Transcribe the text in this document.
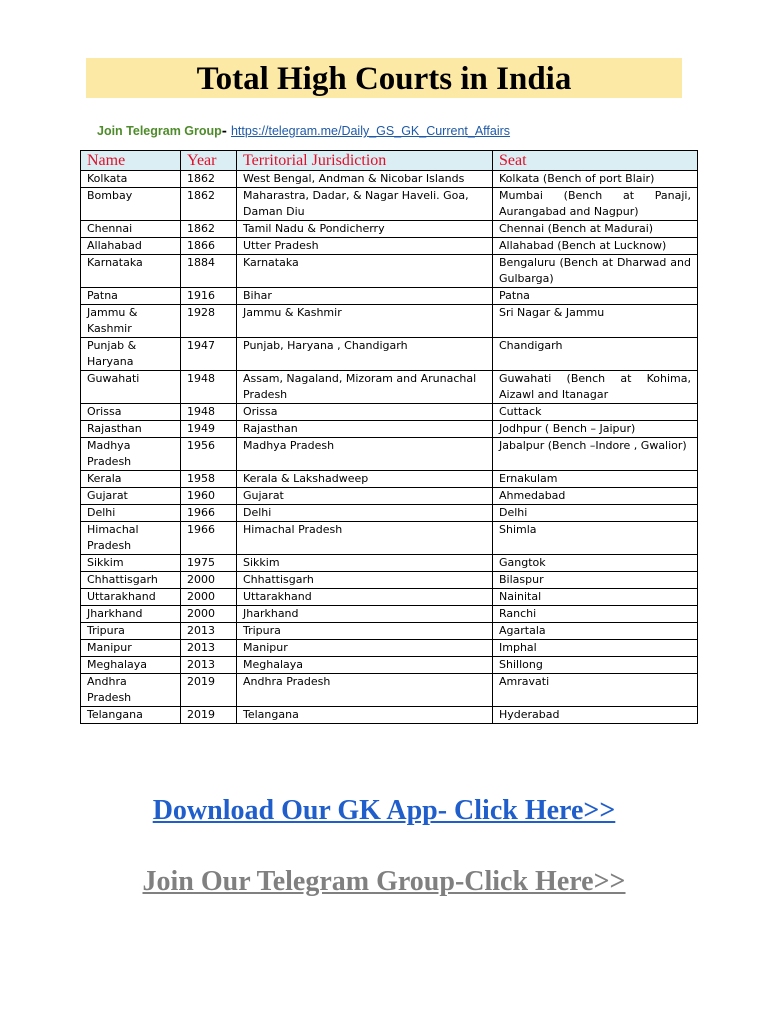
Total High Courts in India
Join Telegram Group- https://telegram.me/Daily_GS_GK_Current_Affairs
Name	Year	Territorial Jurisdiction	Seat
Kolkata	1862	West Bengal, Andman & Nicobar Islands	Kolkata (Bench of port Blair)
Bombay	1862	Maharastra, Dadar, & Nagar Haveli. Goa, Daman Diu	Mumbai (Bench at Panaji, Aurangabad and Nagpur)
Chennai	1862	Tamil Nadu & Pondicherry	Chennai (Bench at Madurai)
Allahabad	1866	Utter Pradesh	Allahabad (Bench at Lucknow)
Karnataka	1884	Karnataka	Bengaluru (Bench at Dharwad and Gulbarga)
Patna	1916	Bihar	Patna
Jammu & Kashmir	1928	Jammu & Kashmir	Sri Nagar & Jammu
Punjab & Haryana	1947	Punjab, Haryana , Chandigarh	Chandigarh
Guwahati	1948	Assam, Nagaland, Mizoram and Arunachal Pradesh	Guwahati (Bench at Kohima, Aizawl and Itanagar
Orissa	1948	Orissa	Cuttack
Rajasthan	1949	Rajasthan	Jodhpur ( Bench – Jaipur)
Madhya Pradesh	1956	Madhya Pradesh	Jabalpur (Bench –Indore , Gwalior)
Kerala	1958	Kerala & Lakshadweep	Ernakulam
Gujarat	1960	Gujarat	Ahmedabad
Delhi	1966	Delhi	Delhi
Himachal Pradesh	1966	Himachal Pradesh	Shimla
Sikkim	1975	Sikkim	Gangtok
Chhattisgarh	2000	Chhattisgarh	Bilaspur
Uttarakhand	2000	Uttarakhand	Nainital
Jharkhand	2000	Jharkhand	Ranchi
Tripura	2013	Tripura	Agartala
Manipur	2013	Manipur	Imphal
Meghalaya	2013	Meghalaya	Shillong
Andhra Pradesh	2019	Andhra Pradesh	Amravati
Telangana	2019	Telangana	Hyderabad
Download Our GK App- Click Here>>
Join Our Telegram Group-Click Here>>
